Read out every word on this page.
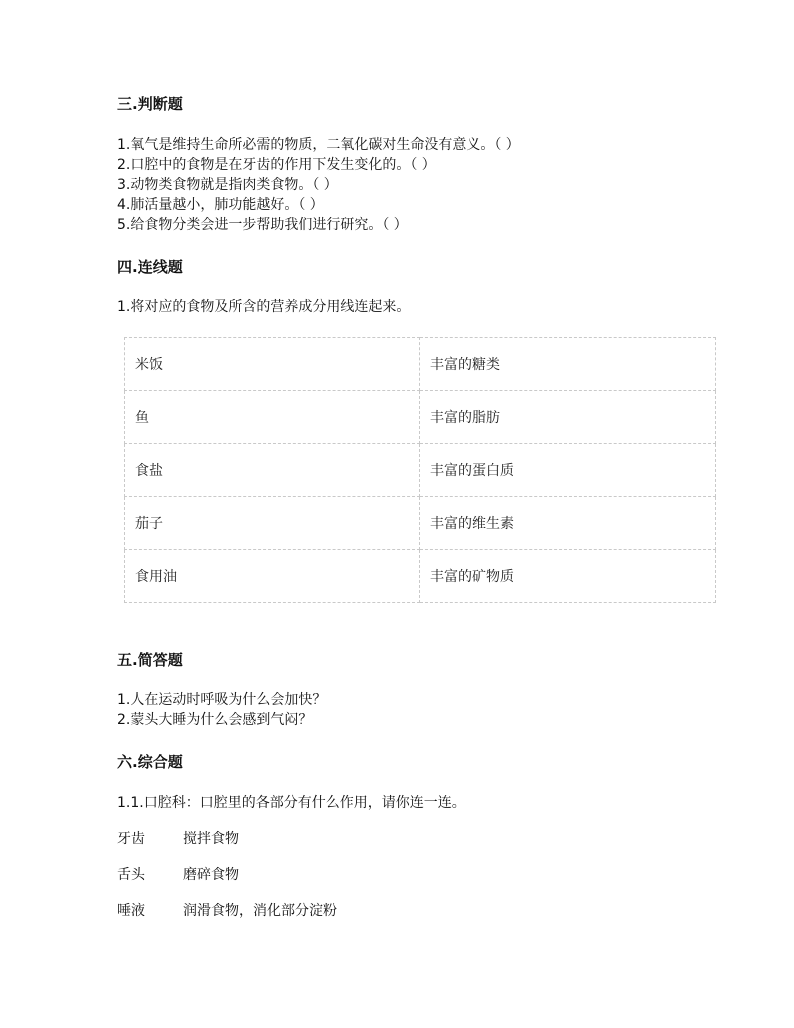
三.判断题
1.氧气是维持生命所必需的物质，二氧化碳对生命没有意义。（ ）
2.口腔中的食物是在牙齿的作用下发生变化的。（ ）
3.动物类食物就是指肉类食物。（ ）
4.肺活量越小，肺功能越好。（ ）
5.给食物分类会进一步帮助我们进行研究。（ ）
四.连线题
1.将对应的食物及所含的营养成分用线连起来。
米饭	丰富的糖类
鱼	丰富的脂肪
食盐	丰富的蛋白质
茄子	丰富的维生素
食用油	丰富的矿物质
五.简答题
1.人在运动时呼吸为什么会加快？
2.蒙头大睡为什么会感到气闷？
六.综合题
1.1.口腔科：口腔里的各部分有什么作用，请你连一连。
牙齿	搅拌食物
舌头	磨碎食物
唾液	润滑食物，消化部分淀粉
